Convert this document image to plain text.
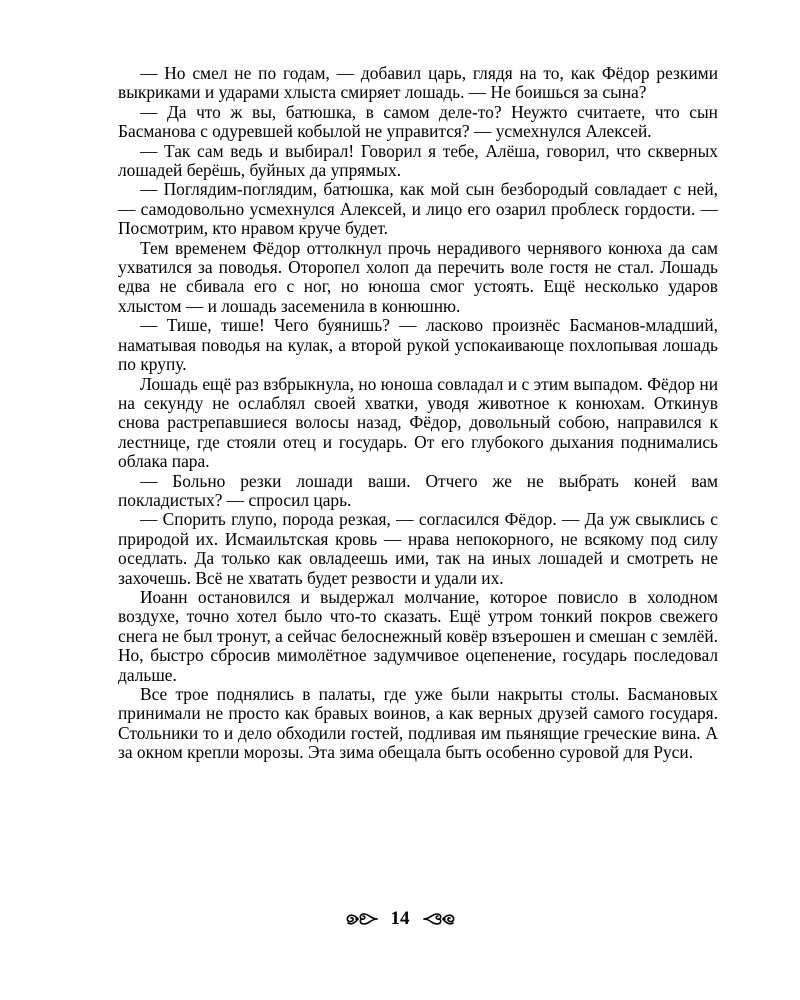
— Но смел не по годам, — добавил царь, глядя на то, как Фёдор резкими выкриками и ударами хлыста смиряет лошадь. — Не боишься за сына?

— Да что ж вы, батюшка, в самом деле-то? Неужто считаете, что сын Басманова с одуревшей кобылой не управится? — усмехнулся Алексей.

— Так сам ведь и выбирал! Говорил я тебе, Алёша, говорил, что скверных лошадей берёшь, буйных да упрямых.

— Поглядим-поглядим, батюшка, как мой сын безбородый совладает с ней, — самодовольно усмехнулся Алексей, и лицо его озарил проблеск гордости. — Посмотрим, кто нравом круче будет.

Тем временем Фёдор оттолкнул прочь нерадивого чернявого конюха да сам ухватился за поводья. Оторопел холоп да перечить воле гостя не стал. Лошадь едва не сбивала его с ног, но юноша смог устоять. Ещё несколько ударов хлыстом — и лошадь засеменила в конюшню.

— Тише, тише! Чего буянишь? — ласково произнёс Басманов-младший, наматывая поводья на кулак, а второй рукой успокаивающе похлопывая лошадь по крупу.

Лошадь ещё раз взбрыкнула, но юноша совладал и с этим выпадом. Фёдор ни на секунду не ослаблял своей хватки, уводя животное к конюхам. Откинув снова растрепавшиеся волосы назад, Фёдор, довольный собою, направился к лестнице, где стояли отец и государь. От его глубокого дыхания поднимались облака пара.

— Больно резки лошади ваши. Отчего же не выбрать коней вам покладистых? — спросил царь.

— Спорить глупо, порода резкая, — согласился Фёдор. — Да уж свыклись с природой их. Исмаильтская кровь — нрава непокорного, не всякому под силу оседлать. Да только как овладеешь ими, так на иных лошадей и смотреть не захочешь. Всё не хватать будет резвости и удали их.

Иоанн остановился и выдержал молчание, которое повисло в холодном воздухе, точно хотел было что-то сказать. Ещё утром тонкий покров свежего снега не был тронут, а сейчас белоснежный ковёр взъерошен и смешан с землёй. Но, быстро сбросив мимолётное задумчивое оцепенение, государь последовал дальше.

Все трое поднялись в палаты, где уже были накрыты столы. Басмановых принимали не просто как бравых воинов, а как верных друзей самого государя. Стольники то и дело обходили гостей, подливая им пьянящие греческие вина. А за окном крепли морозы. Эта зима обещала быть особенно суровой для Руси.

14
